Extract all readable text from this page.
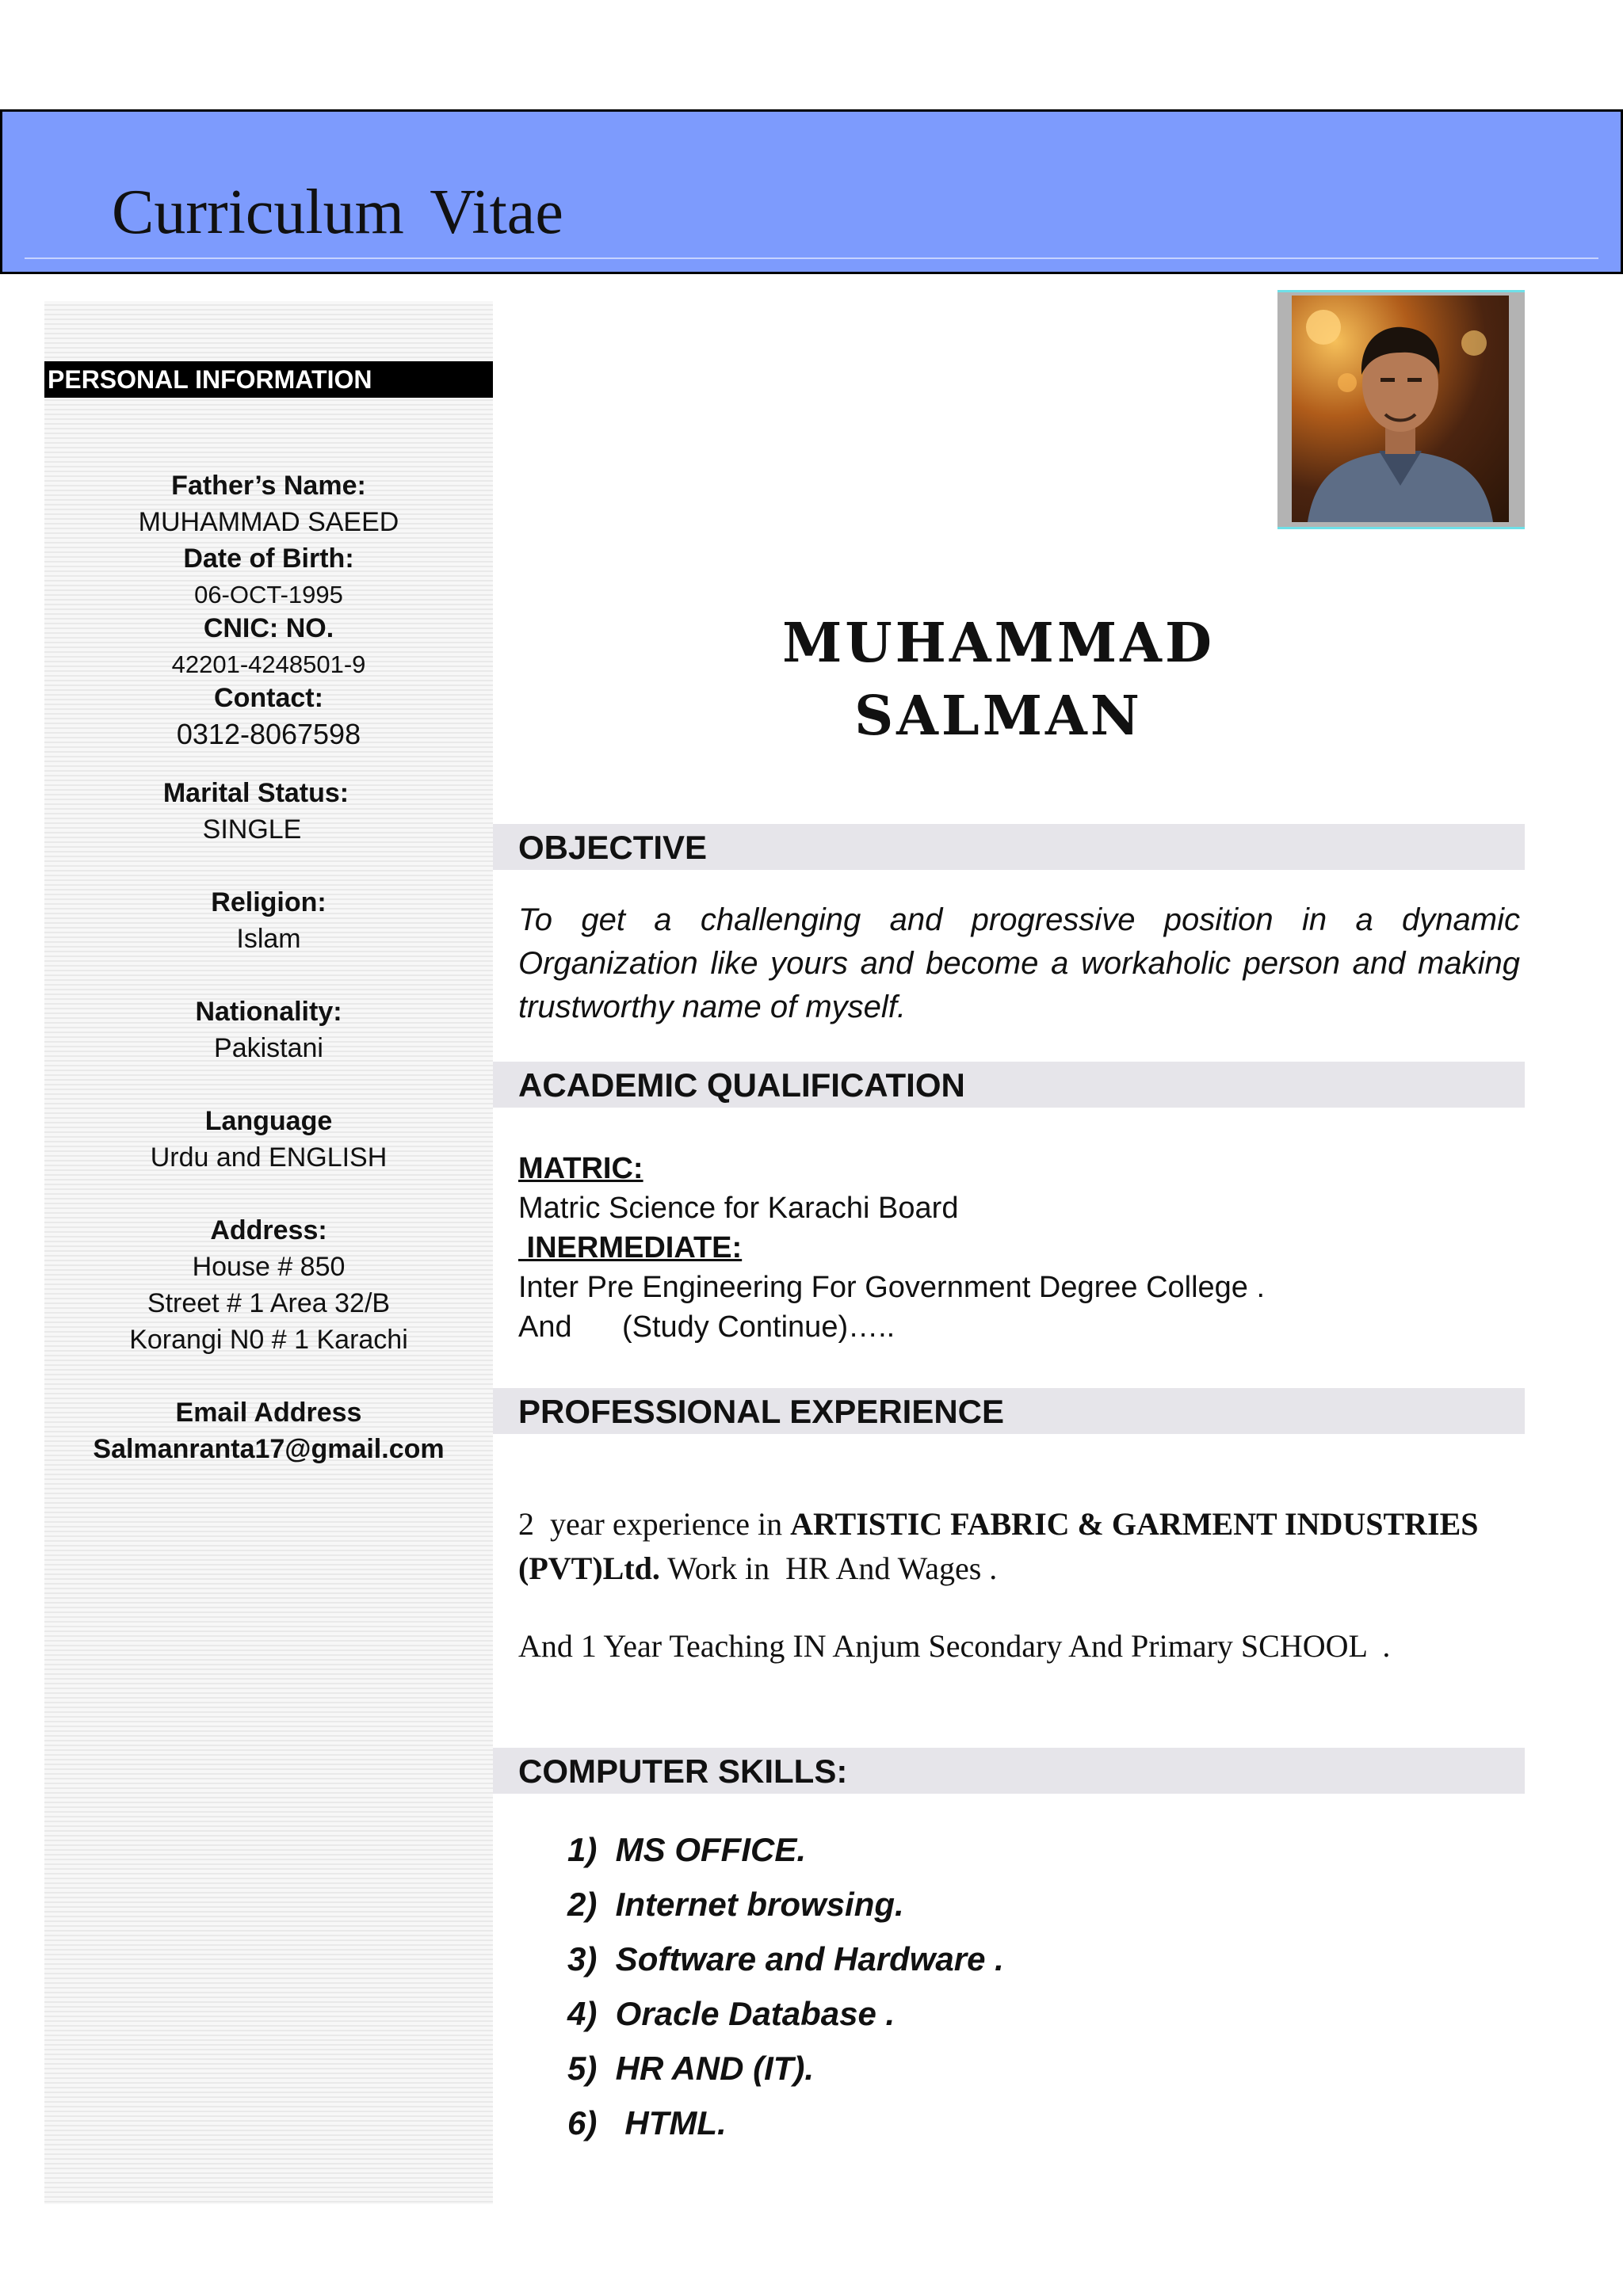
Curriculum Vitae
PERSONAL INFORMATION
Father’s Name:
MUHAMMAD SAEED
Date of Birth:
06-OCT-1995
CNIC: NO.
42201-4248501-9
Contact:
0312-8067598
Marital Status:
SINGLE
Religion:
Islam
Nationality:
Pakistani
Language
Urdu and ENGLISH
Address:
House # 850
Street # 1 Area 32/B
Korangi N0 # 1 Karachi
Email Address
Salmanranta17@gmail.com
MUHAMMAD
SALMAN
OBJECTIVE
To get a challenging and progressive position in a dynamic Organization like yours and become a workaholic person and making trustworthy name of myself.
ACADEMIC QUALIFICATION
MATRIC:
Matric Science for Karachi Board
INERMEDIATE:
Inter Pre Engineering For Government Degree College .
And      (Study Continue)…..
PROFESSIONAL EXPERIENCE
2  year experience in ARTISTIC FABRIC & GARMENT INDUSTRIES (PVT)Ltd. Work in  HR And Wages .
And 1 Year Teaching IN Anjum Secondary And Primary SCHOOL  .
COMPUTER SKILLS:
1)  MS OFFICE.
2)  Internet browsing.
3)  Software and Hardware .
4)  Oracle Database .
5)  HR AND (IT).
6)   HTML.
